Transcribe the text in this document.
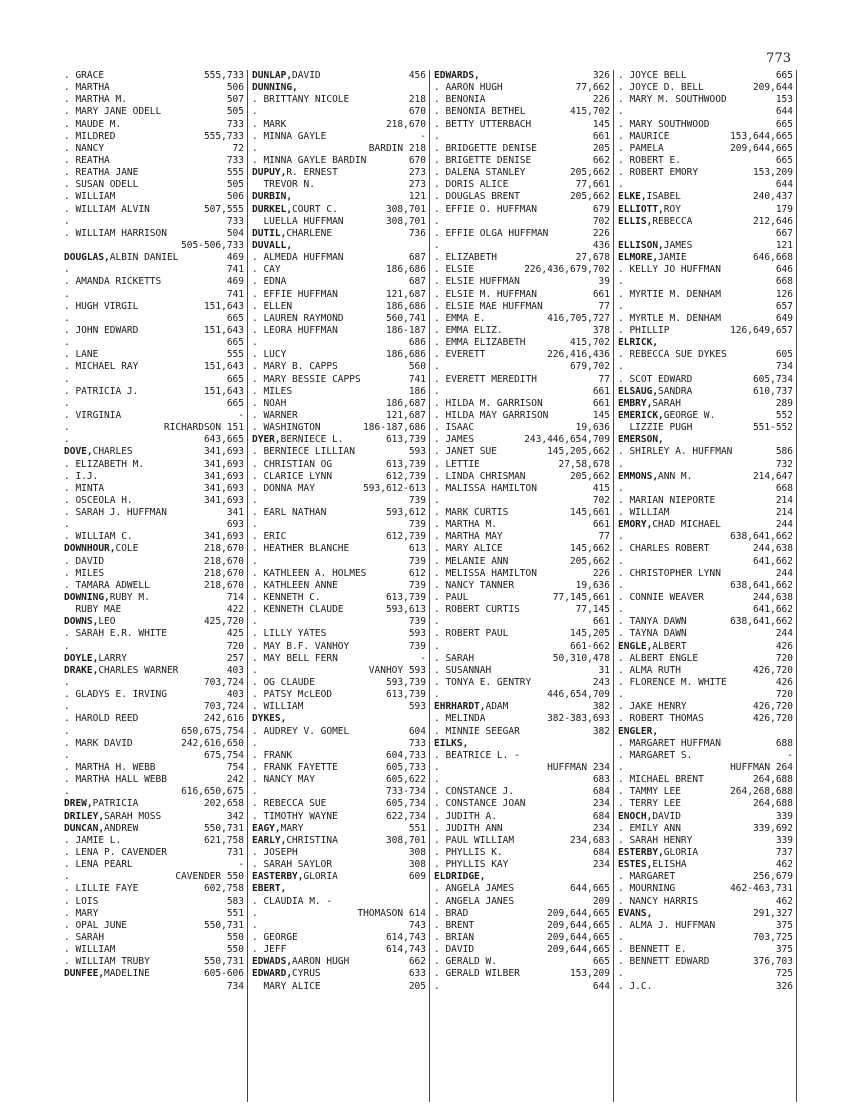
773
. GRACE	555,733
. MARTHA	506
. MARTHA M.	507
. MARY JANE ODELL	505
. MAUDE M.	733
. MILDRED	555,733
. NANCY	72
. REATHA	733
. REATHA JANE	555
. SUSAN ODELL	505
. WILLIAM	506
. WILLIAM ALVIN	507,555
.	733
. WILLIAM HARRISON	504
505-506,733
DOUGLAS,ALBIN DANIEL	469
.	741
. AMANDA RICKETTS	469
.	741
. HUGH VIRGIL	151,643
.	665
. JOHN EDWARD	151,643
.	665
. LANE	555
. MICHAEL RAY	151,643
.	665
. PATRICIA J.	151,643
.	665
. VIRGINIA	-
.	RICHARDSON 151
.	643,665
DOVE,CHARLES	341,693
. ELIZABETH M.	341,693
. I.J.	341,693
. MINTA	341,693
. OSCEOLA H.	341,693
. SARAH J. HUFFMAN	341
.	693
. WILLIAM C.	341,693
DOWNHOUR,COLE	218,670
. DAVID	218,670
. MILES	218,670
. TAMARA ADWELL	218,670
DOWNING,RUBY M.	714
RUBY MAE	422
DOWNS,LEO	425,720
. SARAH E.R. WHITE	425
.	720
DOYLE,LARRY	257
DRAKE,CHARLES WARNER	403
.	703,724
. GLADYS E. IRVING	403
.	703,724
. HAROLD REED	242,616
.	650,675,754
. MARK DAVID	242,616,650
.	675,754
. MARTHA H. WEBB	754
. MARTHA HALL WEBB	242
.	616,650,675
DREW,PATRICIA	202,658
DRILEY,SARAH MOSS	342
DUNCAN,ANDREW	550,731
. JAMIE L.	621,758
. LENA P. CAVENDER	731
. LENA PEARL	-
.	CAVENDER 550
. LILLIE FAYE	602,758
. LOIS	583
. MARY	551
. OPAL JUNE	550,731
. SARAH	550
. WILLIAM	550
. WILLIAM TRUBY	550,731
DUNFEE,MADELINE	605-606
734
DUNLAP,DAVID	456
DUNNING,
. BRITTANY NICOLE	218
.	670
. MARK	218,670
. MINNA GAYLE	-
.	BARDIN 218
. MINNA GAYLE BARDIN	670
DUPUY,R. ERNEST	273
TREVOR N.	273
DURBIN,	121
DURKEL,COURT C.	308,701
LUELLA HUFFMAN	308,701
DUTIL,CHARLENE	736
DUVALL,
. ALMEDA HUFFMAN	687
. CAY	186,686
. EDNA	687
. EFFIE HUFFMAN	121,687
. ELLEN	186,686
. LAUREN RAYMOND	560,741
. LEORA HUFFMAN	186-187
.	686
. LUCY	186,686
. MARY B. CAPPS	560
. MARY BESSIE CAPPS	741
. MILES	186
. NOAH	186,687
. WARNER	121,687
. WASHINGTON	186-187,686
DYER,BERNIECE L.	613,739
. BERNIECE LILLIAN	593
. CHRISTIAN OG	613,739
. CLARICE LYNN	612,739
. DONNA MAY	593,612-613
.	739
. EARL NATHAN	593,612
.	739
. ERIC	612,739
. HEATHER BLANCHE	613
.	739
. KATHLEEN A. HOLMES	612
. KATHLEEN ANNE	739
. KENNETH C.	613,739
. KENNETH CLAUDE	593,613
.	739
. LILLY YATES	593
. MAY B.F. VANHOY	739
. MAY BELL FERN	-
.	VANHOY 593
. OG CLAUDE	593,739
. PATSY McLEOD	613,739
. WILLIAM	593
DYKES,
. AUDREY V. GOMEL	604
.	733
. FRANK	604,733
. FRANK FAYETTE	605,733
. NANCY MAY	605,622
.	733-734
. REBECCA SUE	605,734
. TIMOTHY WAYNE	622,734
EAGY,MARY	551
EARLY,CHRISTINA	308,701
. JOSEPH	308
. SARAH SAYLOR	308
EASTERBY,GLORIA	609
EBERT,
. CLAUDIA M. -
.	THOMASON 614
.	743
. GEORGE	614,743
. JEFF	614,743
EDWADS,AARON HUGH	662
EDWARD,CYRUS	633
MARY ALICE	205
EDWARDS,	326
. AARON HUGH	77,662
. BENONIA	226
. BENONIA BETHEL	415,702
. BETTY UTTERBACH	145
.	661
. BRIDGETTE DENISE	205
. BRIGETTE DENISE	662
. DALENA STANLEY	205,662
. DORIS ALICE	77,661
. DOUGLAS BRENT	205,662
. EFFIE O. HUFFMAN	679
.	702
. EFFIE OLGA HUFFMAN	226
.	436
. ELIZABETH	27,678
. ELSIE	226,436,679,702
. ELSIE HUFFMAN	39
. ELSIE M. HUFFMAN	661
. ELSIE MAE HUFFMAN	77
. EMMA E.	416,705,727
. EMMA ELIZ.	378
. EMMA ELIZABETH	415,702
. EVERETT	226,416,436
.	679,702
. EVERETT MEREDITH	77
.	661
. HILDA M. GARRISON	661
. HILDA MAY GARRISON	145
. ISAAC	19,636
. JAMES	243,446,654,709
. JANET SUE	145,205,662
. LETTIE	27,58,678
. LINDA CHRISMAN	205,662
. MALISSA HAMILTON	415
.	702
. MARK CURTIS	145,661
. MARTHA M.	661
. MARTHA MAY	77
. MARY ALICE	145,662
. MELANIE ANN	205,662
. MELISSA HAMILTON	226
. NANCY TANNER	19,636
. PAUL	77,145,661
. ROBERT CURTIS	77,145
.	661
. ROBERT PAUL	145,205
.	661-662
. SARAH	50,310,478
. SUSANNAH	31
. TONYA E. GENTRY	243
.	446,654,709
EHRHARDT,ADAM	382
. MELINDA	382-383,693
. MINNIE SEEGAR	382
EILKS,
. BEATRICE L. -
.	HUFFMAN 234
.	683
. CONSTANCE J.	684
. CONSTANCE JOAN	234
. JUDITH A.	684
. JUDITH ANN	234
. PAUL WILLIAM	234,683
. PHYLLIS K.	684
. PHYLLIS KAY	234
ELDRIDGE,
. ANGELA JAMES	644,665
. ANGELA JANES	209
. BRAD	209,644,665
. BRENT	209,644,665
. BRIAN	209,644,665
. DAVID	209,644,665
. GERALD W.	665
. GERALD WILBER	153,209
.	644
. JOYCE BELL	665
. JOYCE D. BELL	209,644
. MARY M. SOUTHWOOD	153
.	644
. MARY SOUTHWOOD	665
. MAURICE	153,644,665
. PAMELA	209,644,665
. ROBERT E.	665
. ROBERT EMORY	153,209
.	644
ELKE,ISABEL	240,437
ELLIOTT,ROY	179
ELLIS,REBECCA	212,646
667
ELLISON,JAMES	121
ELMORE,JAMIE	646,668
. KELLY JO HUFFMAN	646
.	668
. MYRTIE M. DENHAM	126
.	657
. MYRTLE M. DENHAM	649
. PHILLIP	126,649,657
ELRICK,
. REBECCA SUE DYKES	605
.	734
. SCOT EDWARD	605,734
ELSAUG,SANDRA	610,737
EMBRY,SARAH	289
EMERICK,GEORGE W.	552
LIZZIE PUGH	551-552
EMERSON,
. SHIRLEY A. HUFFMAN	586
.	732
EMMONS,ANN M.	214,647
.	668
. MARIAN NIEPORTE	214
. WILLIAM	214
EMORY,CHAD MICHAEL	244
.	638,641,662
. CHARLES ROBERT	244,638
.	641,662
. CHRISTOPHER LYNN	244
.	638,641,662
. CONNIE WEAVER	244,638
.	641,662
. TANYA DAWN	638,641,662
. TAYNA DAWN	244
ENGLE,ALBERT	426
. ALBERT ENGLE	720
. ALMA RUTH	426,720
. FLORENCE M. WHITE	426
.	720
. JAKE HENRY	426,720
. ROBERT THOMAS	426,720
ENGLER,
. MARGARET HUFFMAN	688
. MARGARET S.	-
.	HUFFMAN 264
. MICHAEL BRENT	264,688
. TAMMY LEE	264,268,688
. TERRY LEE	264,688
ENOCH,DAVID	339
. EMILY ANN	339,692
. SARAH HENRY	339
ESTERBY,GLORIA	737
ESTES,ELISHA	462
. MARGARET	256,679
. MOURNING	462-463,731
. NANCY HARRIS	462
EVANS,	291,327
. ALMA J. HUFFMAN	375
.	703,725
. BENNETT E.	375
. BENNETT EDWARD	376,703
.	725
. J.C.	326
